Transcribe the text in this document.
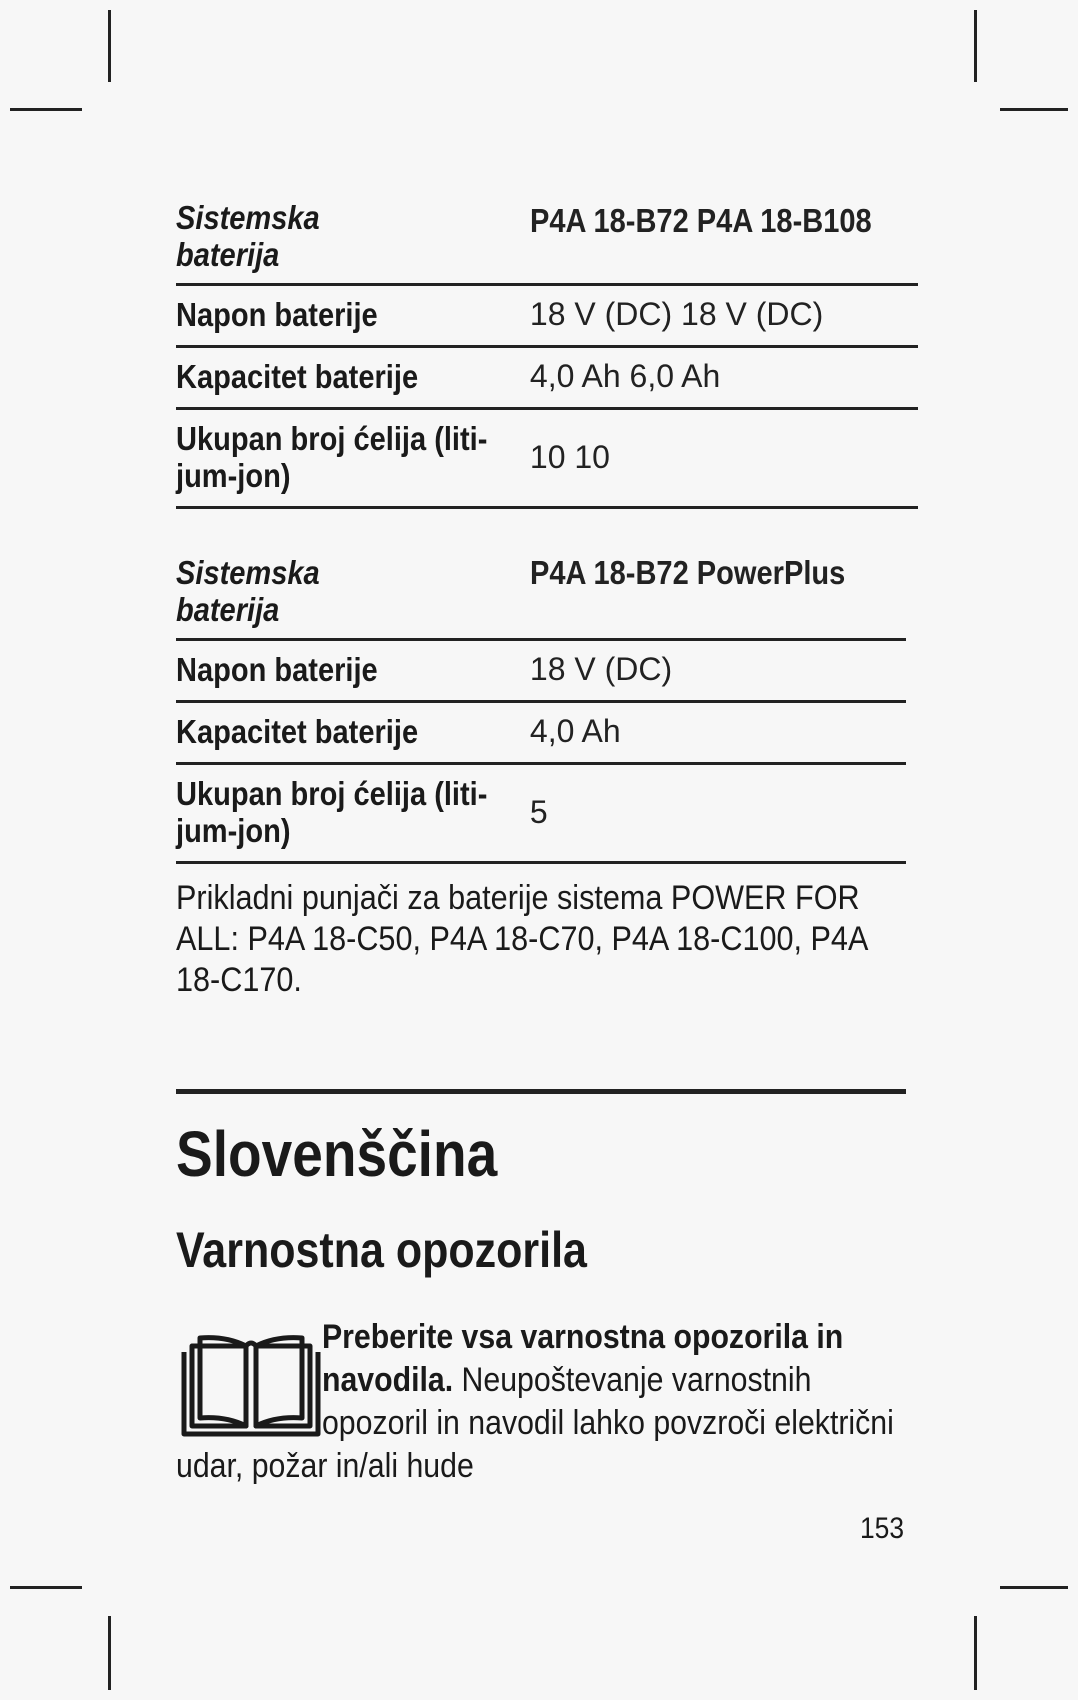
Sistemska baterija	P4A 18-B72 P4A 18-B108
Napon baterije	18 V (DC) 18 V (DC)
Kapacitet baterije	4,0 Ah 6,0 Ah

Ukupan broj ćelija (liti-
jum-jon)	10 10
Sistemska baterija	P4A 18-B72 PowerPlus
Napon baterije	18 V (DC)
Kapacitet baterije	4,0 Ah

Ukupan broj ćelija (liti-
jum-jon)	5
Prikladni punjači za baterije sistema POWER FOR ALL: P4A 18-C50, P4A 18-C70, P4A 18-C100, P4A 18-C170.
Slovenščina
Varnostna opozorila

Preberite vsa varnostna opozorila in navodila. Neupoštevanje varnostnih opozoril in navodil lahko povzroči električni udar, požar in/ali hude

153
